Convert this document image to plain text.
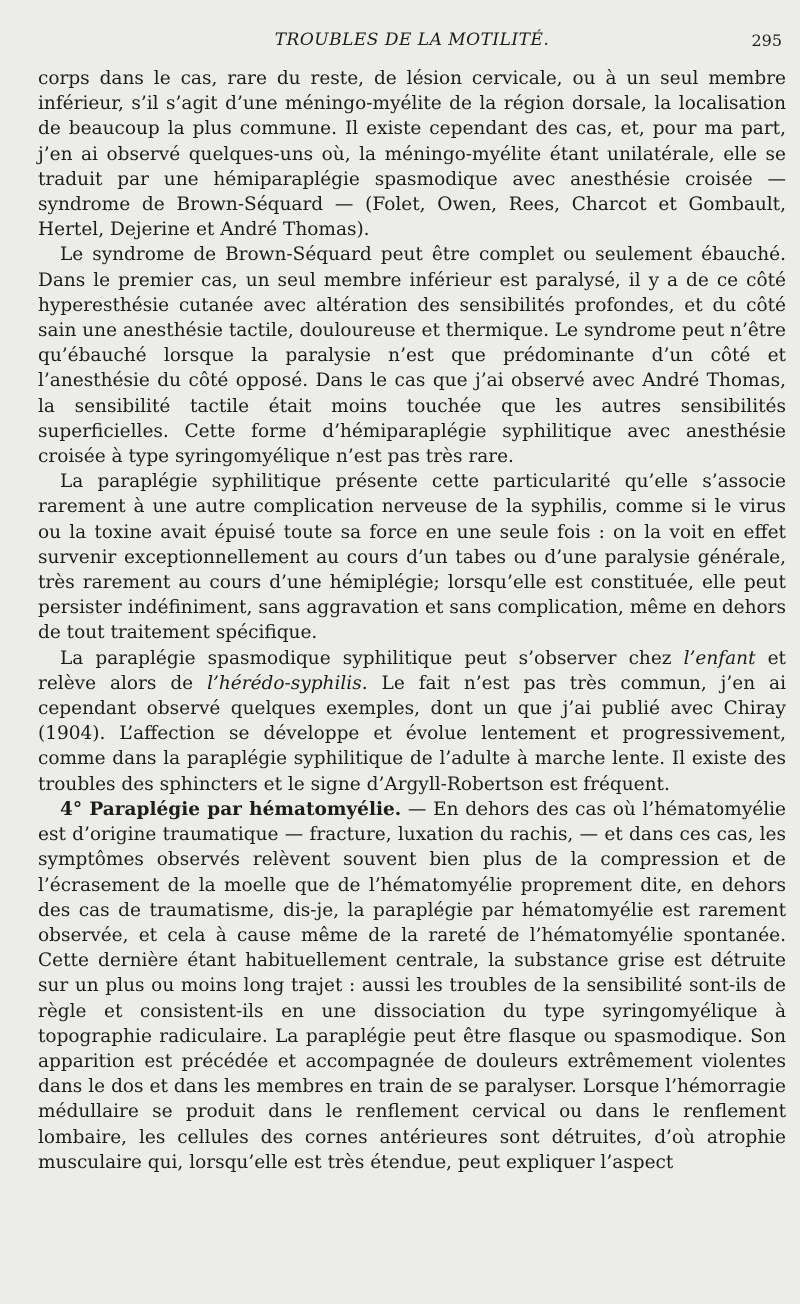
TROUBLES DE LA MOTILITÉ.	295

corps dans le cas, rare du reste, de lésion cervicale, ou à un seul membre inférieur, s’il s’agit d’une méningo-myélite de la région dorsale, la localisation de beaucoup la plus commune. Il existe cependant des cas, et, pour ma part, j’en ai observé quelques-uns où, la méningo-myélite étant unilatérale, elle se traduit par une hémiparaplégie spasmodique avec anesthésie croisée — syndrome de Brown-Séquard — (Folet, Owen, Rees, Charcot et Gombault, Hertel, Dejerine et André Thomas).

Le syndrome de Brown-Séquard peut être complet ou seulement ébauché. Dans le premier cas, un seul membre inférieur est paralysé, il y a de ce côté hyperesthésie cutanée avec altération des sensibilités profondes, et du côté sain une anesthésie tactile, douloureuse et thermique. Le syndrome peut n’être qu’ébauché lorsque la paralysie n’est que prédominante d’un côté et l’anesthésie du côté opposé. Dans le cas que j’ai observé avec André Thomas, la sensibilité tactile était moins touchée que les autres sensibilités superficielles. Cette forme d’hémiparaplégie syphilitique avec anesthésie croisée à type syringomyélique n’est pas très rare.

La paraplégie syphilitique présente cette particularité qu’elle s’associe rarement à une autre complication nerveuse de la syphilis, comme si le virus ou la toxine avait épuisé toute sa force en une seule fois : on la voit en effet survenir exceptionnellement au cours d’un tabes ou d’une paralysie générale, très rarement au cours d’une hémiplégie; lorsqu’elle est constituée, elle peut persister indéfiniment, sans aggravation et sans complication, même en dehors de tout traitement spécifique.

La paraplégie spasmodique syphilitique peut s’observer chez l’enfant et relève alors de l’hérédo-syphilis. Le fait n’est pas très commun, j’en ai cependant observé quelques exemples, dont un que j’ai publié avec Chiray (1904). L’affection se développe et évolue lentement et progressivement, comme dans la paraplégie syphilitique de l’adulte à marche lente. Il existe des troubles des sphincters et le signe d’Argyll-Robertson est fréquent.

4° Paraplégie par hématomyélie. — En dehors des cas où l’hématomyélie est d’origine traumatique — fracture, luxation du rachis, — et dans ces cas, les symptômes observés relèvent souvent bien plus de la compression et de l’écrasement de la moelle que de l’hématomyélie proprement dite, en dehors des cas de traumatisme, dis-je, la paraplégie par hématomyélie est rarement observée, et cela à cause même de la rareté de l’hématomyélie spontanée. Cette dernière étant habituellement centrale, la substance grise est détruite sur un plus ou moins long trajet : aussi les troubles de la sensibilité sont-ils de règle et consistent-ils en une dissociation du type syringomyélique à topographie radiculaire. La paraplégie peut être flasque ou spasmodique. Son apparition est précédée et accompagnée de douleurs extrêmement violentes dans le dos et dans les membres en train de se paralyser. Lorsque l’hémorragie médullaire se produit dans le renflement cervical ou dans le renflement lombaire, les cellules des cornes antérieures sont détruites, d’où atrophie musculaire qui, lorsqu’elle est très étendue, peut expliquer l’aspect
